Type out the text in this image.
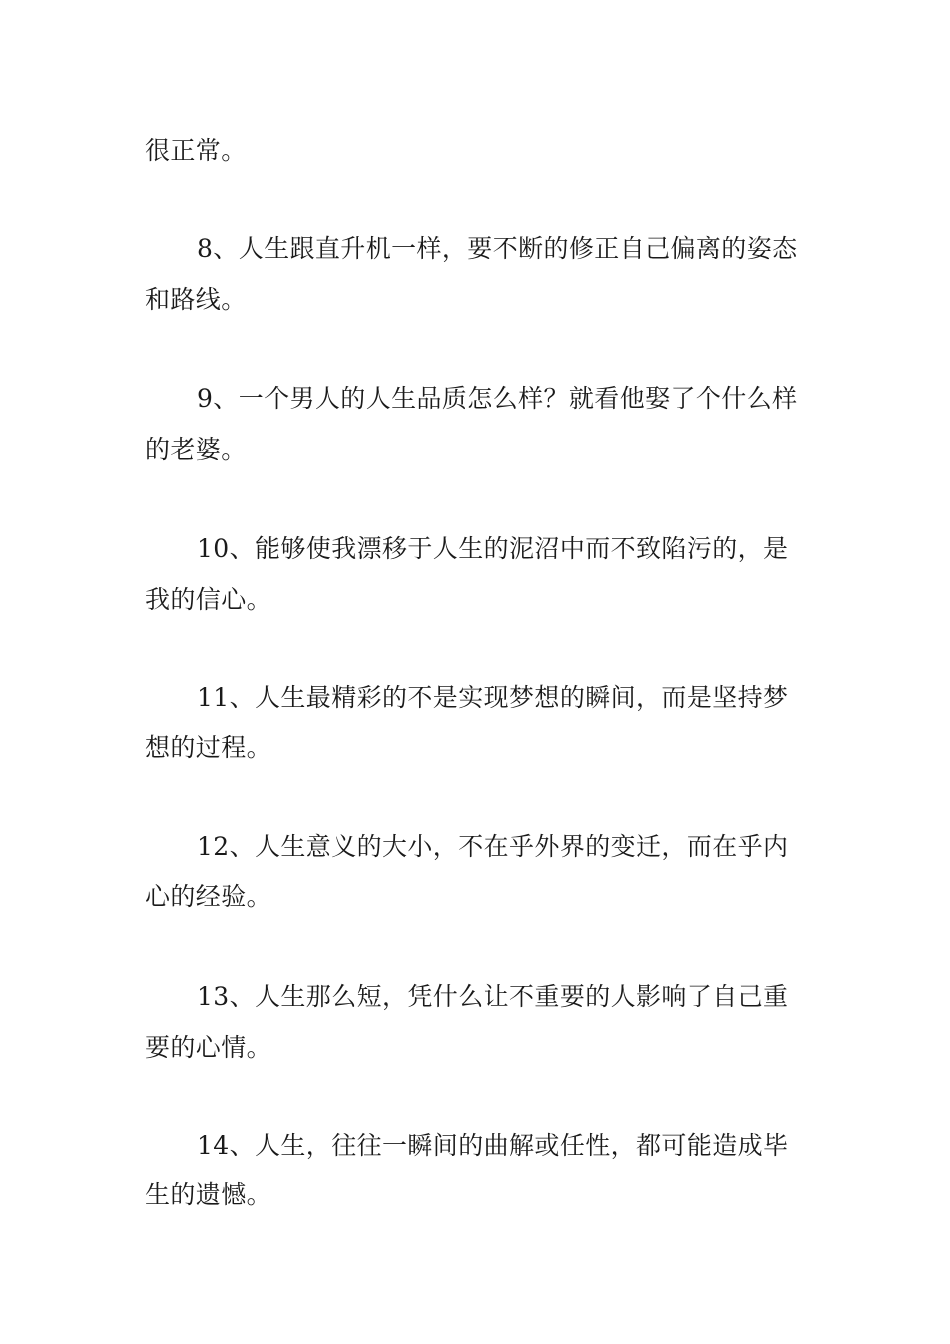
很正常。

8、人生跟直升机一样，要不断的修正自己偏离的姿态

和路线。

9、一个男人的人生品质怎么样？就看他娶了个什么样

的老婆。

10、能够使我漂移于人生的泥沼中而不致陷污的，是

我的信心。

11、人生最精彩的不是实现梦想的瞬间，而是坚持梦

想的过程。

12、人生意义的大小，不在乎外界的变迁，而在乎内

心的经验。

13、人生那么短，凭什么让不重要的人影响了自己重

要的心情。

14、人生，往往一瞬间的曲解或任性，都可能造成毕

生的遗憾。
